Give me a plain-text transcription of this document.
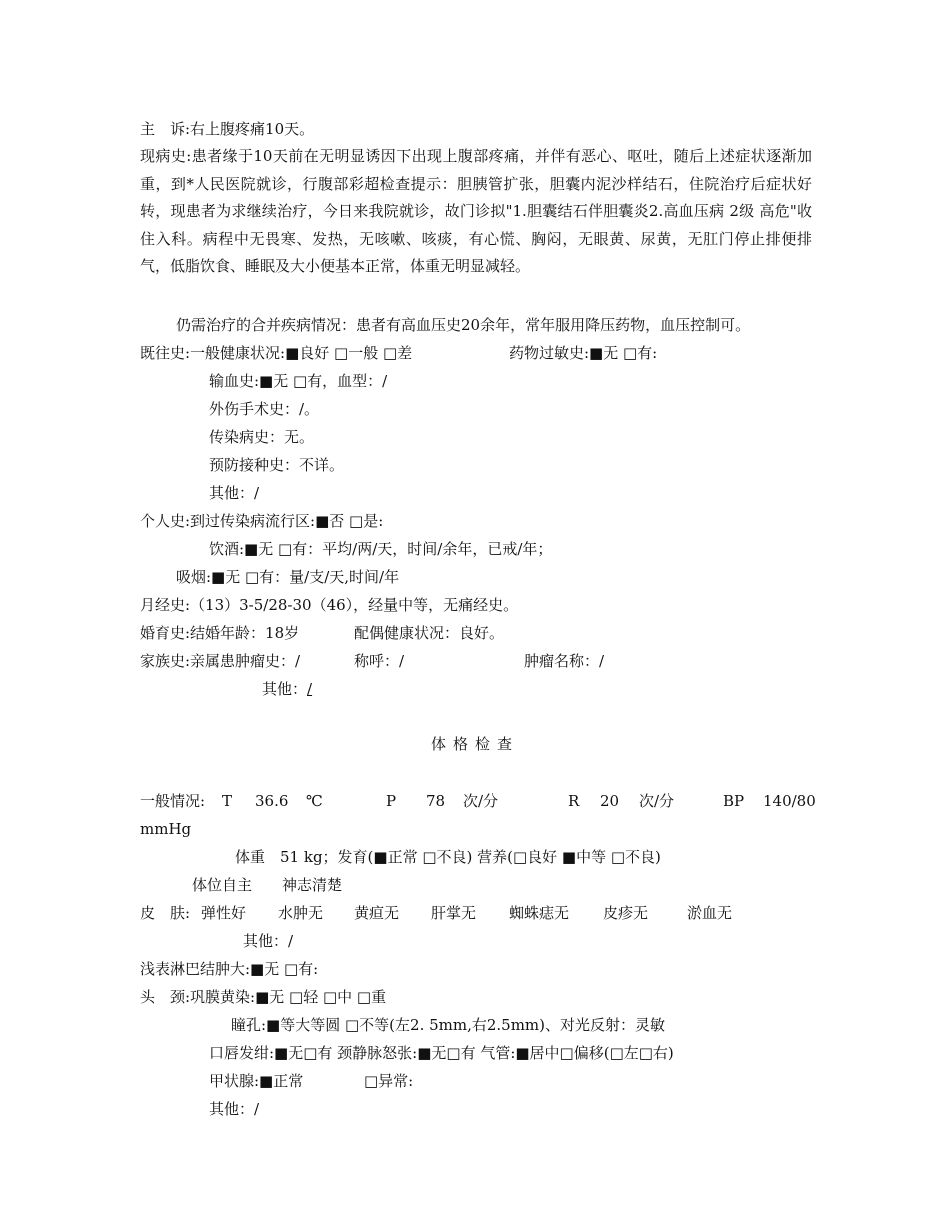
主　诉:右上腹疼痛10天。
现病史:患者缘于10天前在无明显诱因下出现上腹部疼痛，并伴有恶心、呕吐，随后上述症状逐渐加重，到*人民医院就诊，行腹部彩超检查提示：胆胰管扩张，胆囊内泥沙样结石，住院治疗后症状好转，现患者为求继续治疗，今日来我院就诊，故门诊拟"1.胆囊结石伴胆囊炎2.高血压病 2级 高危"收住入科。病程中无畏寒、发热，无咳嗽、咳痰，有心慌、胸闷，无眼黄、尿黄，无肛门停止排便排气，低脂饮食、睡眠及大小便基本正常，体重无明显减轻。
仍需治疗的合并疾病情况：患者有高血压史20余年，常年服用降压药物，血压控制可。
既往史:一般健康状况:■良好 □一般 □差	药物过敏史:■无 □有:
输血史:■无 □有，血型：/
外伤手术史：/。
传染病史：无。
预防接种史：不详。
其他：/
个人史:到过传染病流行区:■否 □是:
饮酒:■无 □有：平均/两/天，时间/余年，已戒/年；
吸烟:■无 □有：量/支/天,时间/年
月经史:（13）3-5/28-30（46），经量中等，无痛经史。
婚育史:结婚年龄：18岁	配偶健康状况：良好。
家族史:亲属患肿瘤史：/	称呼：/	肿瘤名称：/
其他：/
体格检查
一般情况: T 36.6 ℃	P 78 次/分	R 20 次/分	BP 140/80
mmHg
体重　51 kg；发育(■正常 □不良) 营养(□良好 ■中等 □不良)
体位自主　　神志清楚
皮　肤: 弹性好 水肿无 黄疸无 肝掌无 蜘蛛痣无 皮疹无	淤血无
其他：/
浅表淋巴结肿大:■无 □有:
头　颈:巩膜黄染:■无 □轻 □中 □重
瞳孔:■等大等圆 □不等(左2. 5mm,右2.5mm)、对光反射：灵敏
口唇发绀:■无□有 颈静脉怒张:■无□有 气管:■居中□偏移(□左□右)
甲状腺:■正常	□异常:
其他：/
